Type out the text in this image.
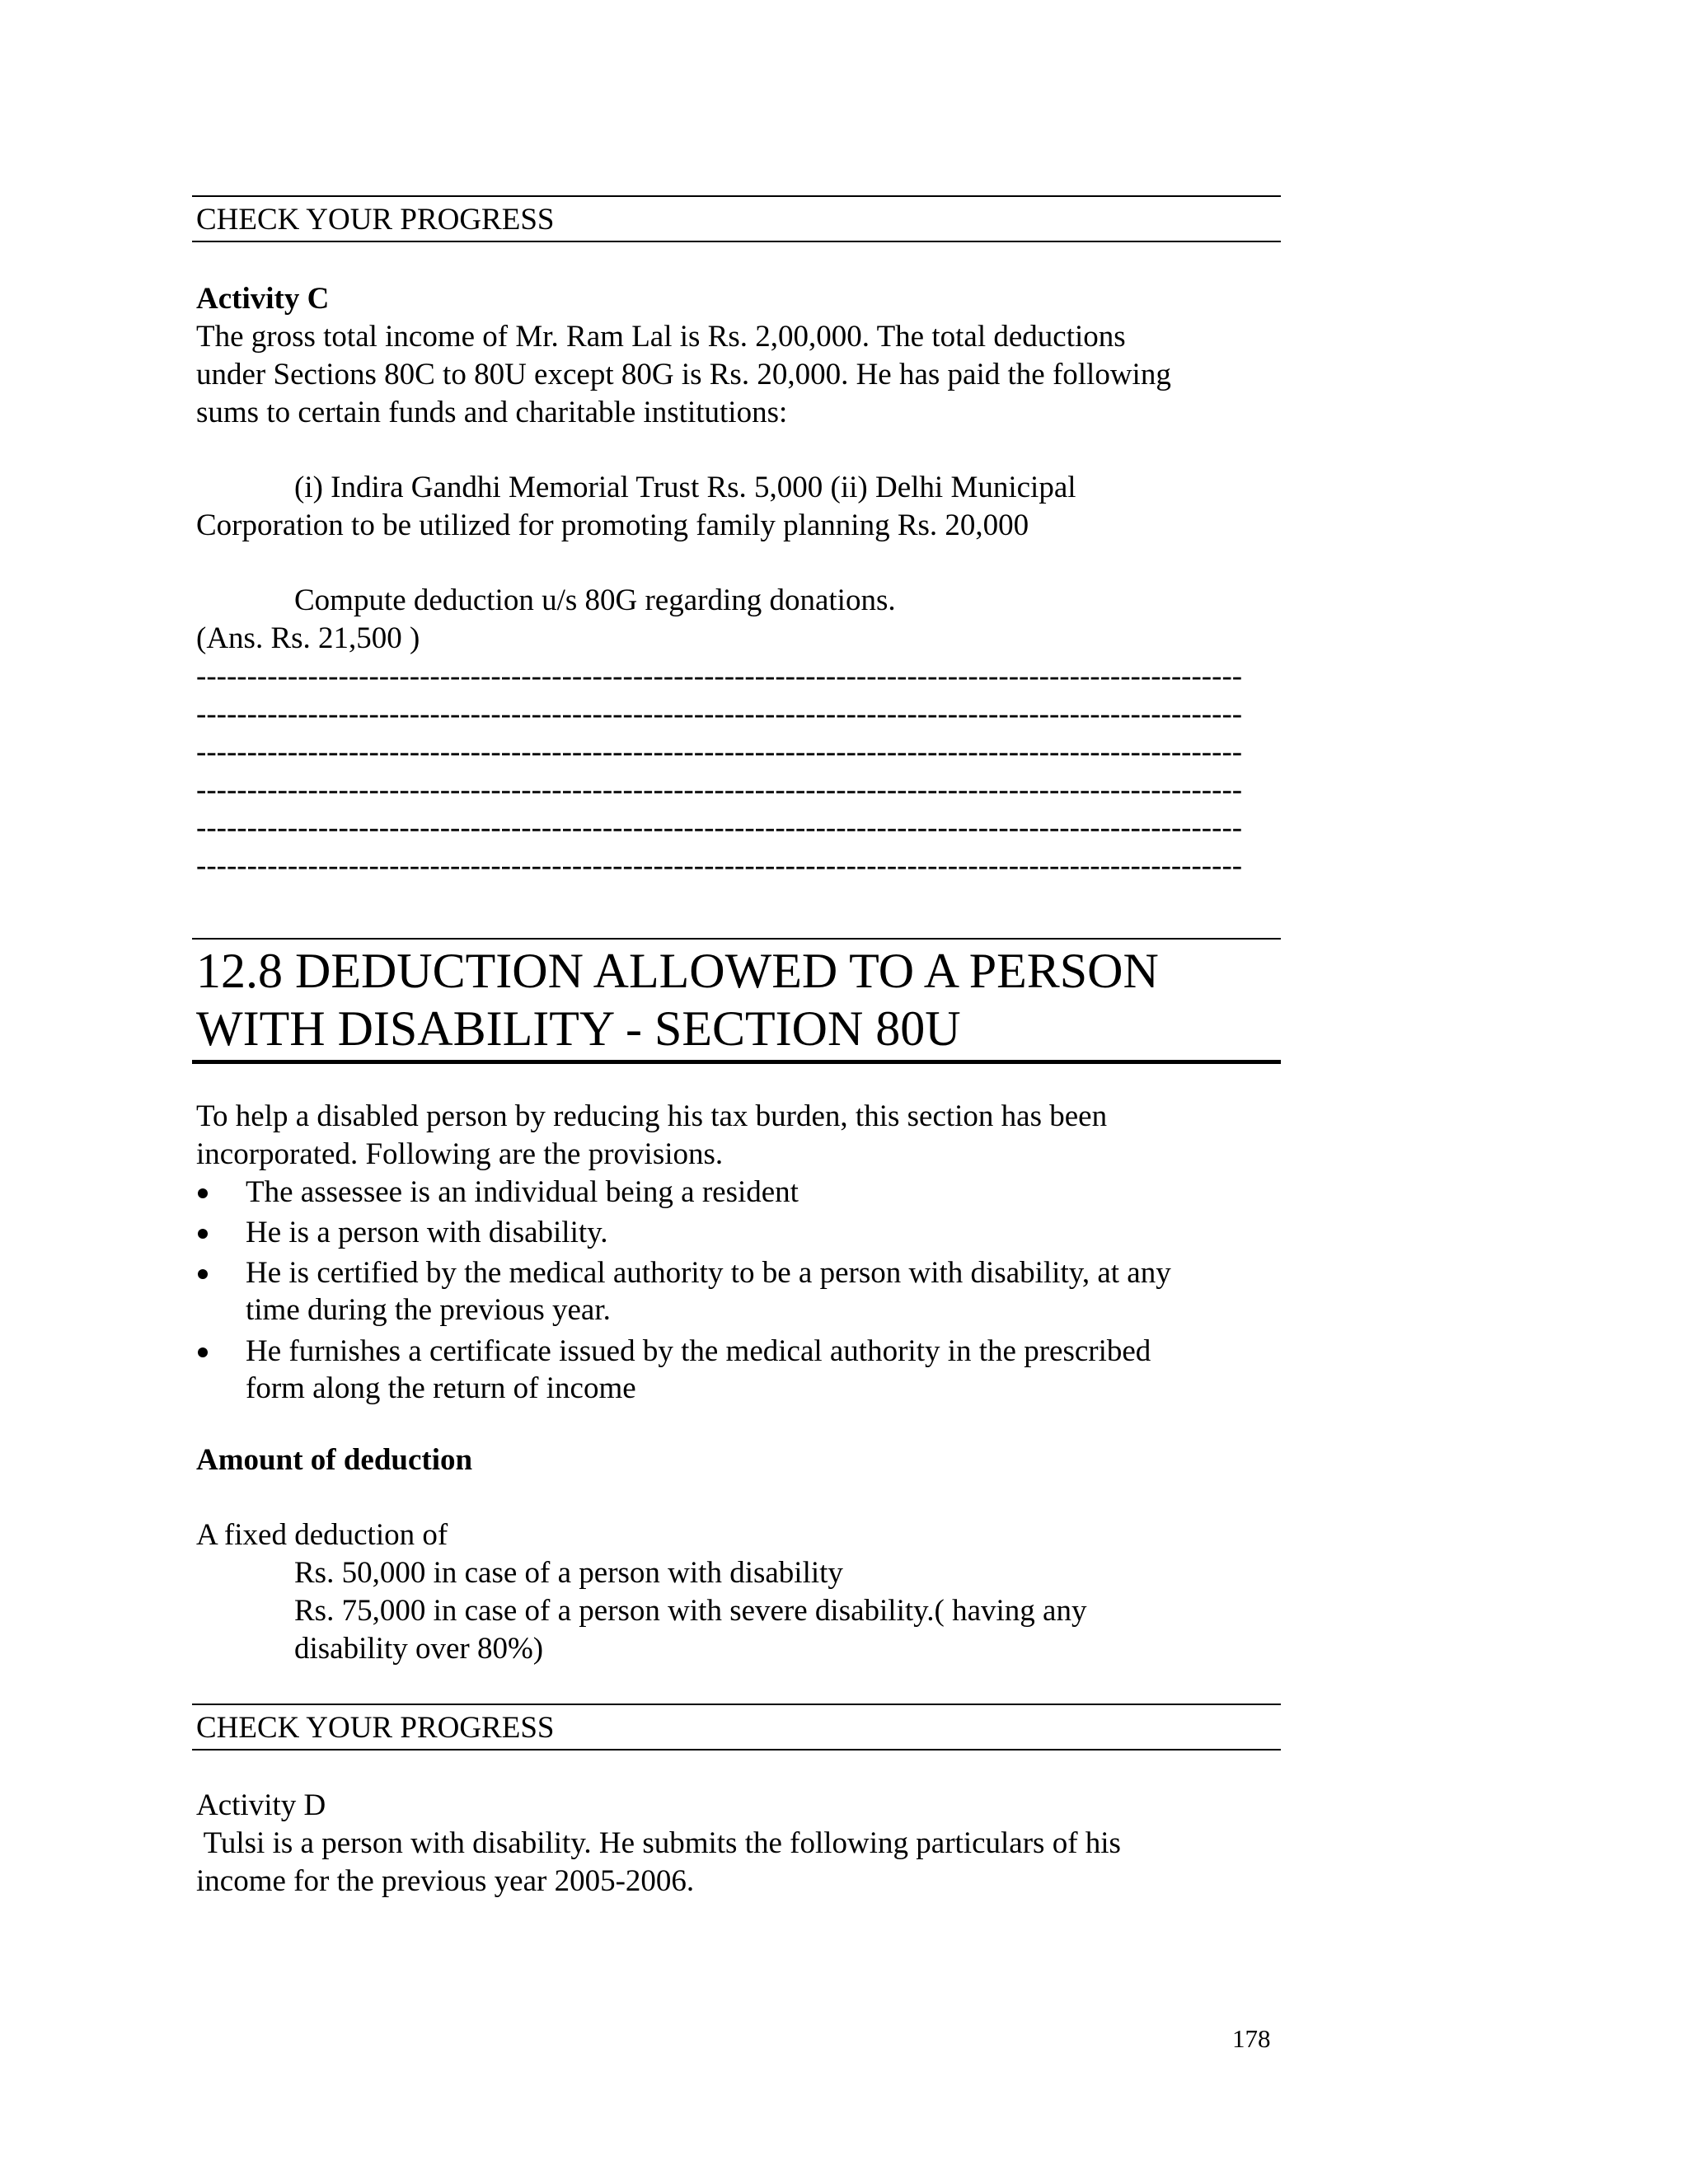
CHECK YOUR PROGRESS
Activity C
The gross total income of Mr. Ram Lal is Rs. 2,00,000. The total deductions
under Sections 80C to 80U except 80G is Rs. 20,000. He has paid the following
sums to certain funds and charitable institutions:
(i) Indira Gandhi Memorial Trust Rs. 5,000 (ii) Delhi Municipal
Corporation to be utilized for promoting family planning Rs. 20,000
Compute deduction u/s 80G regarding donations.
(Ans. Rs. 21,500 )
-------------------------------------------------------------------------------------------------------
-------------------------------------------------------------------------------------------------------
-------------------------------------------------------------------------------------------------------
-------------------------------------------------------------------------------------------------------
-------------------------------------------------------------------------------------------------------
-------------------------------------------------------------------------------------------------------
12.8 DEDUCTION ALLOWED TO A PERSON
WITH DISABILITY - SECTION 80U
To help a disabled person by reducing his tax burden, this section has been
incorporated. Following are the provisions.
The assessee is an individual being a resident
He is a person with disability.
He is certified by the medical authority to be a person with disability, at any
time during the previous year.
He furnishes a certificate issued by the medical authority in the prescribed
form along the return of income
Amount of deduction
A fixed deduction of
Rs. 50,000 in case of a person with disability
Rs. 75,000 in case of a person with severe disability.( having any
disability over 80%)
CHECK YOUR PROGRESS
Activity D
Tulsi is a person with disability. He submits the following particulars of his
income for the previous year 2005-2006.
178
